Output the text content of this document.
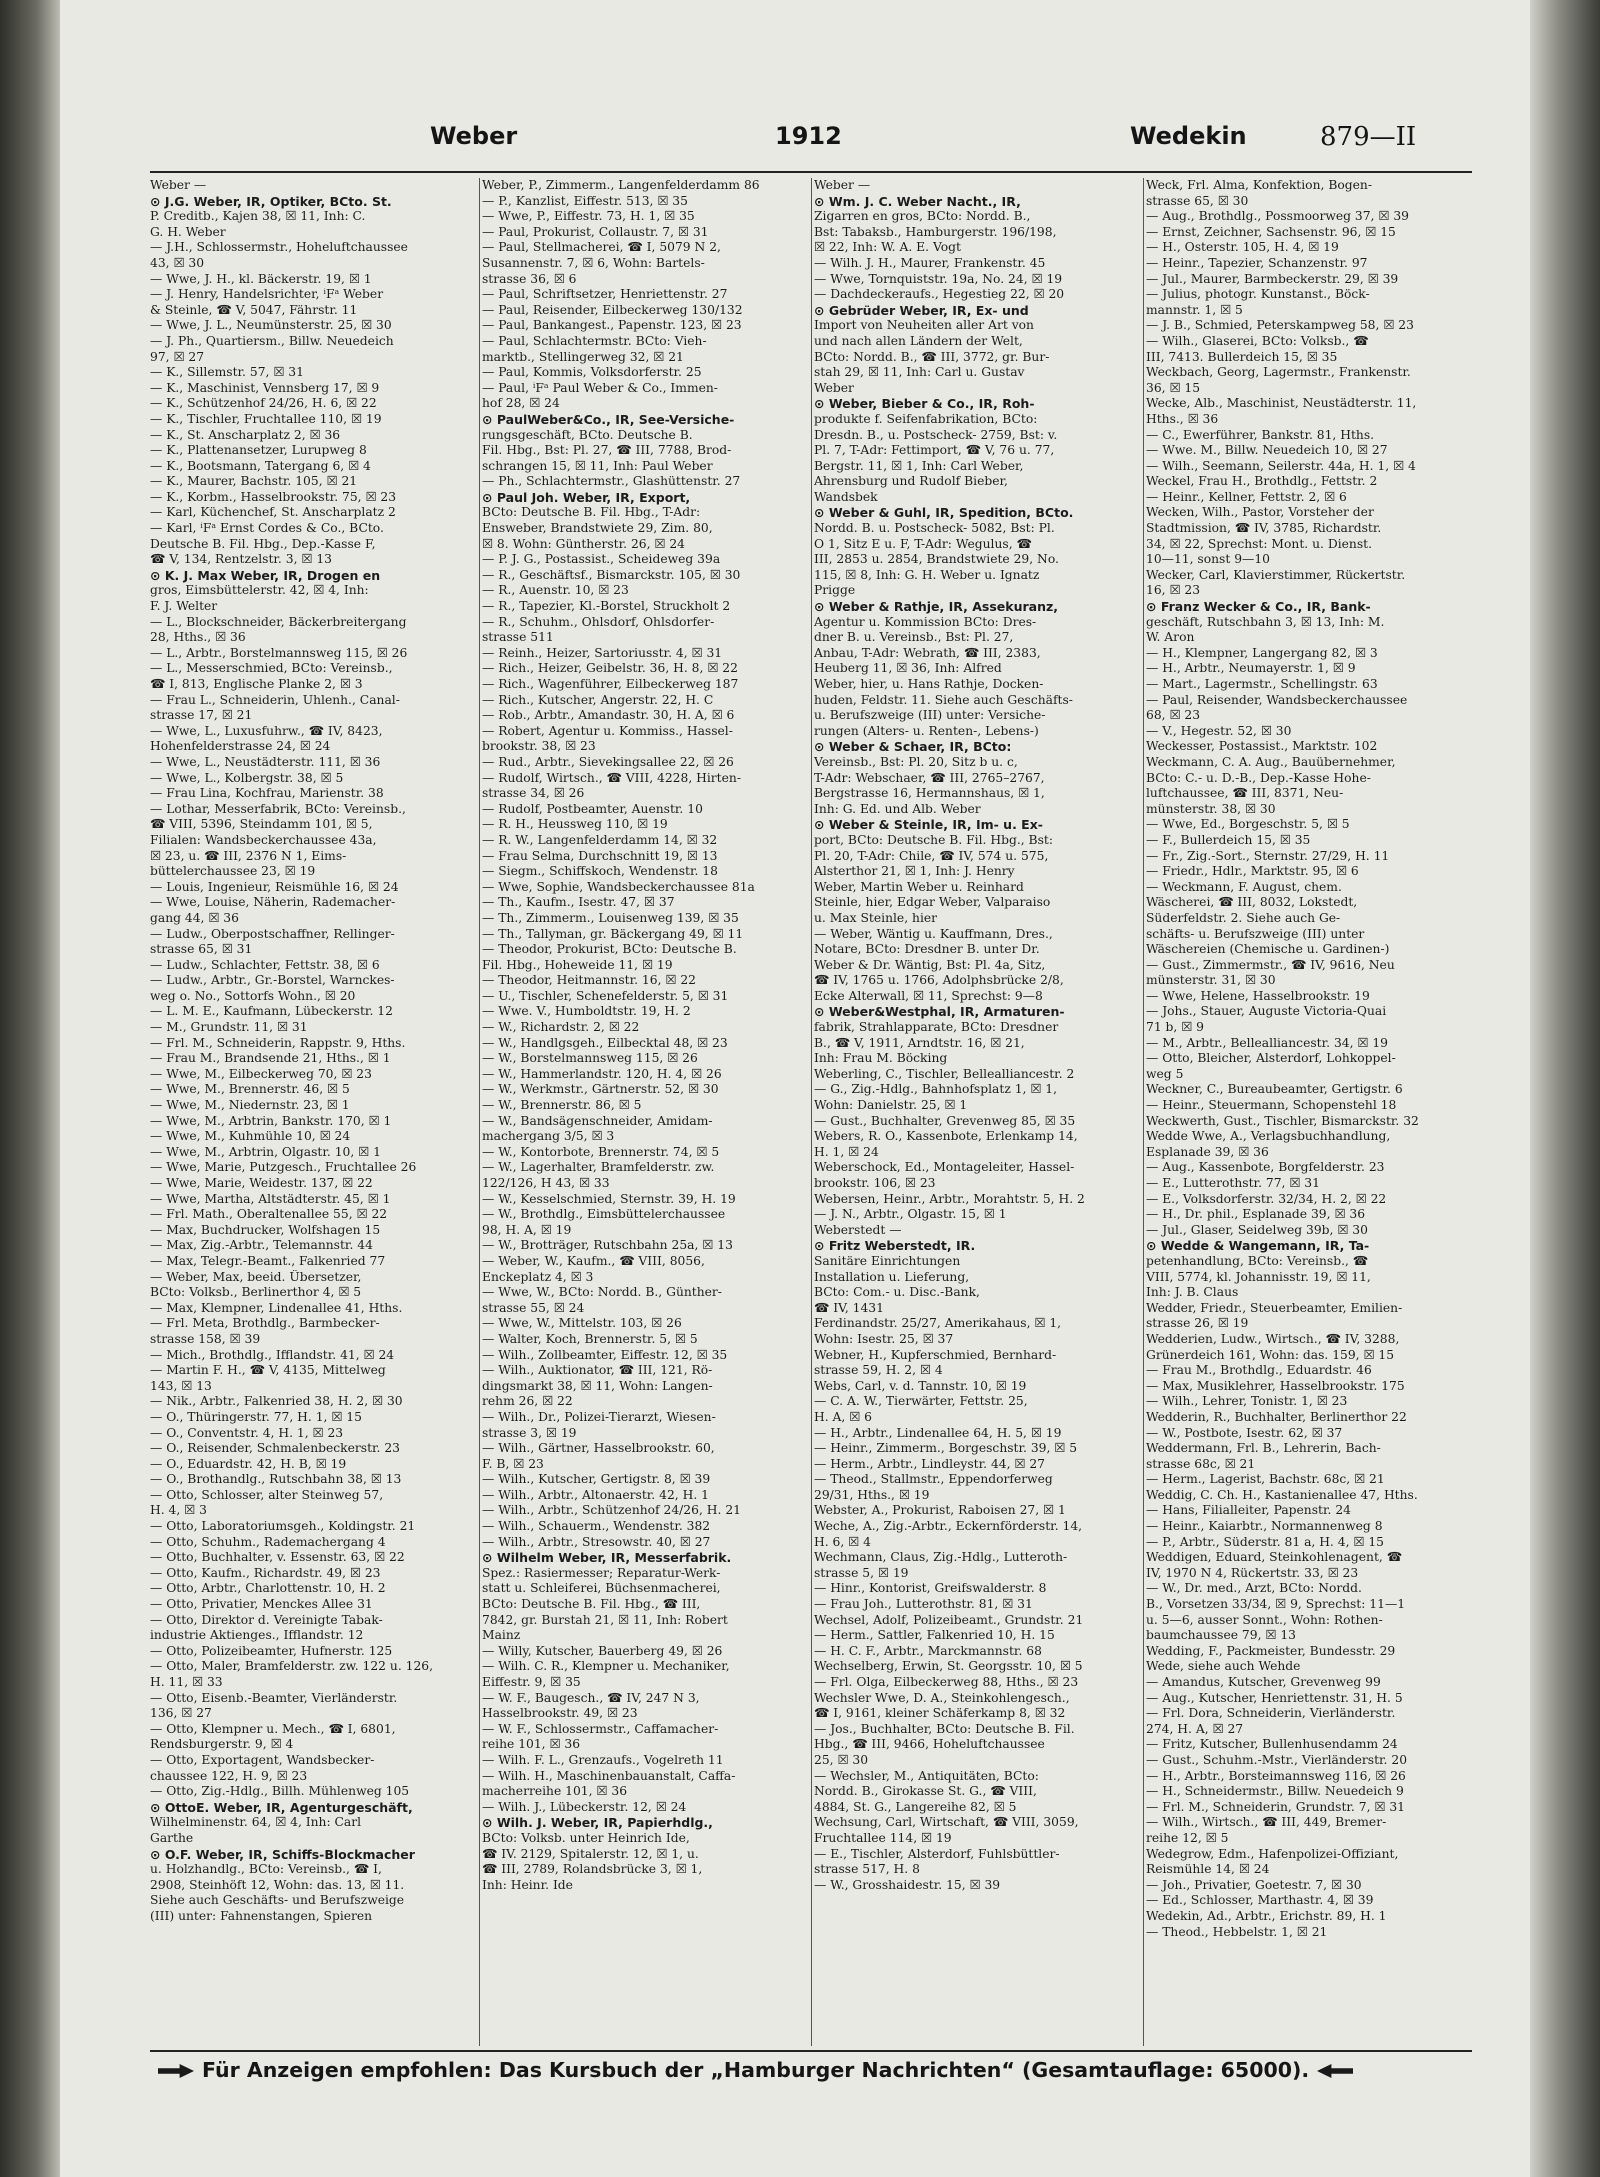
Weber	1912	Wedekin	879—II

Weber —

⊙ J.G. Weber, IR, Optiker, BCto. St.

P. Creditb., Kajen 38, ☒ 11, Inh: C.

G. H. Weber

— J.H., Schlossermstr., Hoheluftchaussee

43, ☒ 30

— Wwe, J. H., kl. Bäckerstr. 19, ☒ 1

— J. Henry, Handelsrichter, ⁱFᵃ Weber

& Steinle, ☎ V, 5047, Fährstr. 11

— Wwe, J. L., Neumünsterstr. 25, ☒ 30

— J. Ph., Quartiersm., Billw. Neuedeich

97, ☒ 27

— K., Sillemstr. 57, ☒ 31

— K., Maschinist, Vennsberg 17, ☒ 9

— K., Schützenhof 24/26, H. 6, ☒ 22

— K., Tischler, Fruchtallee 110, ☒ 19

— K., St. Anscharplatz 2, ☒ 36

— K., Plattenansetzer, Lurupweg 8

— K., Bootsmann, Tatergang 6, ☒ 4

— K., Maurer, Bachstr. 105, ☒ 21

— K., Korbm., Hasselbrookstr. 75, ☒ 23

— Karl, Küchenchef, St. Anscharplatz 2

— Karl, ⁱFᵃ Ernst Cordes & Co., BCto.

Deutsche B. Fil. Hbg., Dep.-Kasse F,

☎ V, 134, Rentzelstr. 3, ☒ 13

⊙ K. J. Max Weber, IR, Drogen en

gros, Eimsbüttelerstr. 42, ☒ 4, Inh:

F. J. Welter

— L., Blockschneider, Bäckerbreitergang

28, Hths., ☒ 36

— L., Arbtr., Borstelmannsweg 115, ☒ 26

— L., Messerschmied, BCto: Vereinsb.,

☎ I, 813, Englische Planke 2, ☒ 3

— Frau L., Schneiderin, Uhlenh., Canal-

strasse 17, ☒ 21

— Wwe, L., Luxusfuhrw., ☎ IV, 8423,

Hohenfelderstrasse 24, ☒ 24

— Wwe, L., Neustädterstr. 111, ☒ 36

— Wwe, L., Kolbergstr. 38, ☒ 5

— Frau Lina, Kochfrau, Marienstr. 38

— Lothar, Messerfabrik, BCto: Vereinsb.,

☎ VIII, 5396, Steindamm 101, ☒ 5,

Filialen: Wandsbeckerchaussee 43a,

☒ 23, u. ☎ III, 2376 N 1, Eims-

büttelerchaussee 23, ☒ 19

— Louis, Ingenieur, Reismühle 16, ☒ 24

— Wwe, Louise, Näherin, Rademacher-

gang 44, ☒ 36

— Ludw., Oberpostschaffner, Rellinger-

strasse 65, ☒ 31

— Ludw., Schlachter, Fettstr. 38, ☒ 6

— Ludw., Arbtr., Gr.-Borstel, Warnckes-

weg o. No., Sottorfs Wohn., ☒ 20

— L. M. E., Kaufmann, Lübeckerstr. 12

— M., Grundstr. 11, ☒ 31

— Frl. M., Schneiderin, Rappstr. 9, Hths.

— Frau M., Brandsende 21, Hths., ☒ 1

— Wwe, M., Eilbeckerweg 70, ☒ 23

— Wwe, M., Brennerstr. 46, ☒ 5

— Wwe, M., Niedernstr. 23, ☒ 1

— Wwe, M., Arbtrin, Bankstr. 170, ☒ 1

— Wwe, M., Kuhmühle 10, ☒ 24

— Wwe, M., Arbtrin, Olgastr. 10, ☒ 1

— Wwe, Marie, Putzgesch., Fruchtallee 26

— Wwe, Marie, Weidestr. 137, ☒ 22

— Wwe, Martha, Altstädterstr. 45, ☒ 1

— Frl. Math., Oberaltenallee 55, ☒ 22

— Max, Buchdrucker, Wolfshagen 15

— Max, Zig.-Arbtr., Telemannstr. 44

— Max, Telegr.-Beamt., Falkenried 77

— Weber, Max, beeid. Übersetzer,

BCto: Volksb., Berlinerthor 4, ☒ 5

— Max, Klempner, Lindenallee 41, Hths.

— Frl. Meta, Brothdlg., Barmbecker-

strasse 158, ☒ 39

— Mich., Brothdlg., Ifflandstr. 41, ☒ 24

— Martin F. H., ☎ V, 4135, Mittelweg

143, ☒ 13

— Nik., Arbtr., Falkenried 38, H. 2, ☒ 30

— O., Thüringerstr. 77, H. 1, ☒ 15

— O., Conventstr. 4, H. 1, ☒ 23

— O., Reisender, Schmalenbeckerstr. 23

— O., Eduardstr. 42, H. B, ☒ 19

— O., Brothandlg., Rutschbahn 38, ☒ 13

— Otto, Schlosser, alter Steinweg 57,

H. 4, ☒ 3

— Otto, Laboratoriumsgeh., Koldingstr. 21

— Otto, Schuhm., Rademachergang 4

— Otto, Buchhalter, v. Essenstr. 63, ☒ 22

— Otto, Kaufm., Richardstr. 49, ☒ 23

— Otto, Arbtr., Charlottenstr. 10, H. 2

— Otto, Privatier, Menckes Allee 31

— Otto, Direktor d. Vereinigte Tabak-

industrie Aktienges., Ifflandstr. 12

— Otto, Polizeibeamter, Hufnerstr. 125

— Otto, Maler, Bramfelderstr. zw. 122 u. 126,

H. 11, ☒ 33

— Otto, Eisenb.-Beamter, Vierländerstr.

136, ☒ 27

— Otto, Klempner u. Mech., ☎ I, 6801,

Rendsburgerstr. 9, ☒ 4

— Otto, Exportagent, Wandsbecker-

chaussee 122, H. 9, ☒ 23

— Otto, Zig.-Hdlg., Billh. Mühlenweg 105

⊙ OttoE. Weber, IR, Agenturgeschäft,

Wilhelminenstr. 64, ☒ 4, Inh: Carl

Garthe

⊙ O.F. Weber, IR, Schiffs-Blockmacher

u. Holzhandlg., BCto: Vereinsb., ☎ I,

2908, Steinhöft 12, Wohn: das. 13, ☒ 11.

Siehe auch Geschäfts- und Berufszweige

(III) unter: Fahnenstangen, Spieren

Weber, P., Zimmerm., Langenfelderdamm 86

— P., Kanzlist, Eiffestr. 513, ☒ 35

— Wwe, P., Eiffestr. 73, H. 1, ☒ 35

— Paul, Prokurist, Collaustr. 7, ☒ 31

— Paul, Stellmacherei, ☎ I, 5079 N 2,

Susannenstr. 7, ☒ 6, Wohn: Bartels-

strasse 36, ☒ 6

— Paul, Schriftsetzer, Henriettenstr. 27

— Paul, Reisender, Eilbeckerweg 130/132

— Paul, Bankangest., Papenstr. 123, ☒ 23

— Paul, Schlachtermstr. BCto: Vieh-

marktb., Stellingerweg 32, ☒ 21

— Paul, Kommis, Volksdorferstr. 25

— Paul, ⁱFᵃ Paul Weber & Co., Immen-

hof 28, ☒ 24

⊙ PaulWeber&Co., IR, See-Versiche-

rungsgeschäft, BCto. Deutsche B.

Fil. Hbg., Bst: Pl. 27, ☎ III, 7788, Brod-

schrangen 15, ☒ 11, Inh: Paul Weber

— Ph., Schlachtermstr., Glashüttenstr. 27

⊙ Paul Joh. Weber, IR, Export,

BCto: Deutsche B. Fil. Hbg., T-Adr:

Ensweber, Brandstwiete 29, Zim. 80,

☒ 8. Wohn: Güntherstr. 26, ☒ 24

— P. J. G., Postassist., Scheideweg 39a

— R., Geschäftsf., Bismarckstr. 105, ☒ 30

— R., Auenstr. 10, ☒ 23

— R., Tapezier, Kl.-Borstel, Struckholt 2

— R., Schuhm., Ohlsdorf, Ohlsdorfer-

strasse 511

— Reinh., Heizer, Sartoriusstr. 4, ☒ 31

— Rich., Heizer, Geibelstr. 36, H. 8, ☒ 22

— Rich., Wagenführer, Eilbeckerweg 187

— Rich., Kutscher, Angerstr. 22, H. C

— Rob., Arbtr., Amandastr. 30, H. A, ☒ 6

— Robert, Agentur u. Kommiss., Hassel-

brookstr. 38, ☒ 23

— Rud., Arbtr., Sievekingsallee 22, ☒ 26

— Rudolf, Wirtsch., ☎ VIII, 4228, Hirten-

strasse 34, ☒ 26

— Rudolf, Postbeamter, Auenstr. 10

— R. H., Heussweg 110, ☒ 19

— R. W., Langenfelderdamm 14, ☒ 32

— Frau Selma, Durchschnitt 19, ☒ 13

— Siegm., Schiffskoch, Wendenstr. 18

— Wwe, Sophie, Wandsbeckerchaussee 81a

— Th., Kaufm., Isestr. 47, ☒ 37

— Th., Zimmerm., Louisenweg 139, ☒ 35

— Th., Tallyman, gr. Bäckergang 49, ☒ 11

— Theodor, Prokurist, BCto: Deutsche B.

Fil. Hbg., Hoheweide 11, ☒ 19

— Theodor, Heitmannstr. 16, ☒ 22

— U., Tischler, Schenefelderstr. 5, ☒ 31

— Wwe. V., Humboldtstr. 19, H. 2

— W., Richardstr. 2, ☒ 22

— W., Handlgsgeh., Eilbecktal 48, ☒ 23

— W., Borstelmannsweg 115, ☒ 26

— W., Hammerlandstr. 120, H. 4, ☒ 26

— W., Werkmstr., Gärtnerstr. 52, ☒ 30

— W., Brennerstr. 86, ☒ 5

— W., Bandsägenschneider, Amidam-

machergang 3/5, ☒ 3

— W., Kontorbote, Brennerstr. 74, ☒ 5

— W., Lagerhalter, Bramfelderstr. zw.

122/126, H 43, ☒ 33

— W., Kesselschmied, Sternstr. 39, H. 19

— W., Brothdlg., Eimsbüttelerchaussee

98, H. A, ☒ 19

— W., Brotträger, Rutschbahn 25a, ☒ 13

— Weber, W., Kaufm., ☎ VIII, 8056,

Enckeplatz 4, ☒ 3

— Wwe, W., BCto: Nordd. B., Günther-

strasse 55, ☒ 24

— Wwe, W., Mittelstr. 103, ☒ 26

— Walter, Koch, Brennerstr. 5, ☒ 5

— Wilh., Zollbeamter, Eiffestr. 12, ☒ 35

— Wilh., Auktionator, ☎ III, 121, Rö-

dingsmarkt 38, ☒ 11, Wohn: Langen-

rehm 26, ☒ 22

— Wilh., Dr., Polizei-Tierarzt, Wiesen-

strasse 3, ☒ 19

— Wilh., Gärtner, Hasselbrookstr. 60,

F. B, ☒ 23

— Wilh., Kutscher, Gertigstr. 8, ☒ 39

— Wilh., Arbtr., Altonaerstr. 42, H. 1

— Wilh., Arbtr., Schützenhof 24/26, H. 21

— Wilh., Schauerm., Wendenstr. 382

— Wilh., Arbtr., Stresowstr. 40, ☒ 27

⊙ Wilhelm Weber, IR, Messerfabrik.

Spez.: Rasiermesser; Reparatur-Werk-

statt u. Schleiferei, Büchsenmacherei,

BCto: Deutsche B. Fil. Hbg., ☎ III,

7842, gr. Burstah 21, ☒ 11, Inh: Robert

Mainz

— Willy, Kutscher, Bauerberg 49, ☒ 26

— Wilh. C. R., Klempner u. Mechaniker,

Eiffestr. 9, ☒ 35

— W. F., Baugesch., ☎ IV, 247 N 3,

Hasselbrookstr. 49, ☒ 23

— W. F., Schlossermstr., Caffamacher-

reihe 101, ☒ 36

— Wilh. F. L., Grenzaufs., Vogelreth 11

— Wilh. H., Maschinenbauanstalt, Caffa-

macherreihe 101, ☒ 36

— Wilh. J., Lübeckerstr. 12, ☒ 24

⊙ Wilh. J. Weber, IR, Papierhdlg.,

BCto: Volksb. unter Heinrich Ide,

☎ IV. 2129, Spitalerstr. 12, ☒ 1, u.

☎ III, 2789, Rolandsbrücke 3, ☒ 1,

Inh: Heinr. Ide

Weber —

⊙ Wm. J. C. Weber Nacht., IR,

Zigarren en gros, BCto: Nordd. B.,

Bst: Tabaksb., Hamburgerstr. 196/198,

☒ 22, Inh: W. A. E. Vogt

— Wilh. J. H., Maurer, Frankenstr. 45

— Wwe, Tornquiststr. 19a, No. 24, ☒ 19

— Dachdeckeraufs., Hegestieg 22, ☒ 20

⊙ Gebrüder Weber, IR, Ex- und

Import von Neuheiten aller Art von

und nach allen Ländern der Welt,

BCto: Nordd. B., ☎ III, 3772, gr. Bur-

stah 29, ☒ 11, Inh: Carl u. Gustav

Weber

⊙ Weber, Bieber & Co., IR, Roh-

produkte f. Seifenfabrikation, BCto:

Dresdn. B., u. Postscheck- 2759, Bst: v.

Pl. 7, T-Adr: Fettimport, ☎ V, 76 u. 77,

Bergstr. 11, ☒ 1, Inh: Carl Weber,

Ahrensburg und Rudolf Bieber,

Wandsbek

⊙ Weber & Guhl, IR, Spedition, BCto.

Nordd. B. u. Postscheck- 5082, Bst: Pl.

O 1, Sitz E u. F, T-Adr: Wegulus, ☎

III, 2853 u. 2854, Brandstwiete 29, No.

115, ☒ 8, Inh: G. H. Weber u. Ignatz

Prigge

⊙ Weber & Rathje, IR, Assekuranz,

Agentur u. Kommission BCto: Dres-

dner B. u. Vereinsb., Bst: Pl. 27,

Anbau, T-Adr: Webrath, ☎ III, 2383,

Heuberg 11, ☒ 36, Inh: Alfred

Weber, hier, u. Hans Rathje, Docken-

huden, Feldstr. 11. Siehe auch Geschäfts-

u. Berufszweige (III) unter: Versiche-

rungen (Alters- u. Renten-, Lebens-)

⊙ Weber & Schaer, IR, BCto:

Vereinsb., Bst: Pl. 20, Sitz b u. c,

T-Adr: Webschaer, ☎ III, 2765–2767,

Bergstrasse 16, Hermannshaus, ☒ 1,

Inh: G. Ed. und Alb. Weber

⊙ Weber & Steinle, IR, Im- u. Ex-

port, BCto: Deutsche B. Fil. Hbg., Bst:

Pl. 20, T-Adr: Chile, ☎ IV, 574 u. 575,

Alsterthor 21, ☒ 1, Inh: J. Henry

Weber, Martin Weber u. Reinhard

Steinle, hier, Edgar Weber, Valparaiso

u. Max Steinle, hier

— Weber, Wäntig u. Kauffmann, Dres.,

Notare, BCto: Dresdner B. unter Dr.

Weber & Dr. Wäntig, Bst: Pl. 4a, Sitz,

☎ IV, 1765 u. 1766, Adolphsbrücke 2/8,

Ecke Alterwall, ☒ 11, Sprechst: 9—8

⊙ Weber&Westphal, IR, Armaturen-

fabrik, Strahlapparate, BCto: Dresdner

B., ☎ V, 1911, Arndtstr. 16, ☒ 21,

Inh: Frau M. Böcking

Weberling, C., Tischler, Bellealliancestr. 2

— G., Zig.-Hdlg., Bahnhofsplatz 1, ☒ 1,

Wohn: Danielstr. 25, ☒ 1

— Gust., Buchhalter, Grevenweg 85, ☒ 35

Webers, R. O., Kassenbote, Erlenkamp 14,

H. 1, ☒ 24

Weberschock, Ed., Montageleiter, Hassel-

brookstr. 106, ☒ 23

Webersen, Heinr., Arbtr., Morahtstr. 5, H. 2

— J. N., Arbtr., Olgastr. 15, ☒ 1

Weberstedt —

⊙ Fritz Weberstedt, IR.

Sanitäre Einrichtungen

Installation u. Lieferung,

BCto: Com.- u. Disc.-Bank,

☎ IV, 1431

Ferdinandstr. 25/27, Amerikahaus, ☒ 1,

Wohn: Isestr. 25, ☒ 37

Webner, H., Kupferschmied, Bernhard-

strasse 59, H. 2, ☒ 4

Webs, Carl, v. d. Tannstr. 10, ☒ 19

— C. A. W., Tierwärter, Fettstr. 25,

H. A, ☒ 6

— H., Arbtr., Lindenallee 64, H. 5, ☒ 19

— Heinr., Zimmerm., Borgeschstr. 39, ☒ 5

— Herm., Arbtr., Lindleystr. 44, ☒ 27

— Theod., Stallmstr., Eppendorferweg

29/31, Hths., ☒ 19

Webster, A., Prokurist, Raboisen 27, ☒ 1

Weche, A., Zig.-Arbtr., Eckernförderstr. 14,

H. 6, ☒ 4

Wechmann, Claus, Zig.-Hdlg., Lutteroth-

strasse 5, ☒ 19

— Hinr., Kontorist, Greifswalderstr. 8

— Frau Joh., Lutterothstr. 81, ☒ 31

Wechsel, Adolf, Polizeibeamt., Grundstr. 21

— Herm., Sattler, Falkenried 10, H. 15

— H. C. F., Arbtr., Marckmannstr. 68

Wechselberg, Erwin, St. Georgsstr. 10, ☒ 5

— Frl. Olga, Eilbeckerweg 88, Hths., ☒ 23

Wechsler Wwe, D. A., Steinkohlengesch.,

☎ I, 9161, kleiner Schäferkamp 8, ☒ 32

— Jos., Buchhalter, BCto: Deutsche B. Fil.

Hbg., ☎ III, 9466, Hoheluftchaussee

25, ☒ 30

— Wechsler, M., Antiquitäten, BCto:

Nordd. B., Girokasse St. G., ☎ VIII,

4884, St. G., Langereihe 82, ☒ 5

Wechsung, Carl, Wirtschaft, ☎ VIII, 3059,

Fruchtallee 114, ☒ 19

— E., Tischler, Alsterdorf, Fuhlsbüttler-

strasse 517, H. 8

— W., Grosshaidestr. 15, ☒ 39

Weck, Frl. Alma, Konfektion, Bogen-

strasse 65, ☒ 30

— Aug., Brothdlg., Possmoorweg 37, ☒ 39

— Ernst, Zeichner, Sachsenstr. 96, ☒ 15

— H., Osterstr. 105, H. 4, ☒ 19

— Heinr., Tapezier, Schanzenstr. 97

— Jul., Maurer, Barmbeckerstr. 29, ☒ 39

— Julius, photogr. Kunstanst., Böck-

mannstr. 1, ☒ 5

— J. B., Schmied, Peterskampweg 58, ☒ 23

— Wilh., Glaserei, BCto: Volksb., ☎

III, 7413. Bullerdeich 15, ☒ 35

Weckbach, Georg, Lagermstr., Frankenstr.

36, ☒ 15

Wecke, Alb., Maschinist, Neustädterstr. 11,

Hths., ☒ 36

— C., Ewerführer, Bankstr. 81, Hths.

— Wwe. M., Billw. Neuedeich 10, ☒ 27

— Wilh., Seemann, Seilerstr. 44a, H. 1, ☒ 4

Weckel, Frau H., Brothdlg., Fettstr. 2

— Heinr., Kellner, Fettstr. 2, ☒ 6

Wecken, Wilh., Pastor, Vorsteher der

Stadtmission, ☎ IV, 3785, Richardstr.

34, ☒ 22, Sprechst: Mont. u. Dienst.

10—11, sonst 9—10

Wecker, Carl, Klavierstimmer, Rückertstr.

16, ☒ 23

⊙ Franz Wecker & Co., IR, Bank-

geschäft, Rutschbahn 3, ☒ 13, Inh: M.

W. Aron

— H., Klempner, Langergang 82, ☒ 3

— H., Arbtr., Neumayerstr. 1, ☒ 9

— Mart., Lagermstr., Schellingstr. 63

— Paul, Reisender, Wandsbeckerchaussee

68, ☒ 23

— V., Hegestr. 52, ☒ 30

Weckesser, Postassist., Marktstr. 102

Weckmann, C. A. Aug., Bauübernehmer,

BCto: C.- u. D.-B., Dep.-Kasse Hohe-

luftchaussee, ☎ III, 8371, Neu-

münsterstr. 38, ☒ 30

— Wwe, Ed., Borgeschstr. 5, ☒ 5

— F., Bullerdeich 15, ☒ 35

— Fr., Zig.-Sort., Sternstr. 27/29, H. 11

— Friedr., Hdlr., Marktstr. 95, ☒ 6

— Weckmann, F. August, chem.

Wäscherei, ☎ III, 8032, Lokstedt,

Süderfeldstr. 2. Siehe auch Ge-

schäfts- u. Berufszweige (III) unter

Wäschereien (Chemische u. Gardinen-)

— Gust., Zimmermstr., ☎ IV, 9616, Neu

münsterstr. 31, ☒ 30

— Wwe, Helene, Hasselbrookstr. 19

— Johs., Stauer, Auguste Victoria-Quai

71 b, ☒ 9

— M., Arbtr., Bellealliancestr. 34, ☒ 19

— Otto, Bleicher, Alsterdorf, Lohkoppel-

weg 5

Weckner, C., Bureaubeamter, Gertigstr. 6

— Heinr., Steuermann, Schopenstehl 18

Weckwerth, Gust., Tischler, Bismarckstr. 32

Wedde Wwe, A., Verlagsbuchhandlung,

Esplanade 39, ☒ 36

— Aug., Kassenbote, Borgfelderstr. 23

— E., Lutterothstr. 77, ☒ 31

— E., Volksdorferstr. 32/34, H. 2, ☒ 22

— H., Dr. phil., Esplanade 39, ☒ 36

— Jul., Glaser, Seidelweg 39b, ☒ 30

⊙ Wedde & Wangemann, IR, Ta-

petenhandlung, BCto: Vereinsb., ☎

VIII, 5774, kl. Johannisstr. 19, ☒ 11,

Inh: J. B. Claus

Wedder, Friedr., Steuerbeamter, Emilien-

strasse 26, ☒ 19

Wedderien, Ludw., Wirtsch., ☎ IV, 3288,

Grünerdeich 161, Wohn: das. 159, ☒ 15

— Frau M., Brothdlg., Eduardstr. 46

— Max, Musiklehrer, Hasselbrookstr. 175

— Wilh., Lehrer, Tonistr. 1, ☒ 23

Wedderin, R., Buchhalter, Berlinerthor 22

— W., Postbote, Isestr. 62, ☒ 37

Weddermann, Frl. B., Lehrerin, Bach-

strasse 68c, ☒ 21

— Herm., Lagerist, Bachstr. 68c, ☒ 21

Weddig, C. Ch. H., Kastanienallee 47, Hths.

— Hans, Filialleiter, Papenstr. 24

— Heinr., Kaiarbtr., Normannenweg 8

— P., Arbtr., Süderstr. 81 a, H. 4, ☒ 15

Weddigen, Eduard, Steinkohlenagent, ☎

IV, 1970 N 4, Rückertstr. 33, ☒ 23

— W., Dr. med., Arzt, BCto: Nordd.

B., Vorsetzen 33/34, ☒ 9, Sprechst: 11—1

u. 5—6, ausser Sonnt., Wohn: Rothen-

baumchaussee 79, ☒ 13

Wedding, F., Packmeister, Bundesstr. 29

Wede, siehe auch Wehde

— Amandus, Kutscher, Grevenweg 99

— Aug., Kutscher, Henriettenstr. 31, H. 5

— Frl. Dora, Schneiderin, Vierländerstr.

274, H. A, ☒ 27

— Fritz, Kutscher, Bullenhusendamm 24

— Gust., Schuhm.-Mstr., Vierländerstr. 20

— H., Arbtr., Borsteimannsweg 116, ☒ 26

— H., Schneidermstr., Billw. Neuedeich 9

— Frl. M., Schneiderin, Grundstr. 7, ☒ 31

— Wilh., Wirtsch., ☎ III, 449, Bremer-

reihe 12, ☒ 5

Wedegrow, Edm., Hafenpolizei-Offiziant,

Reismühle 14, ☒ 24

— Joh., Privatier, Goetestr. 7, ☒ 30

— Ed., Schlosser, Marthastr. 4, ☒ 39

Wedekin, Ad., Arbtr., Erichstr. 89, H. 1

— Theod., Hebbelstr. 1, ☒ 21

Für Anzeigen empfohlen: Das Kursbuch der „Hamburger Nachrichten“ (Gesamtauflage: 65000).
